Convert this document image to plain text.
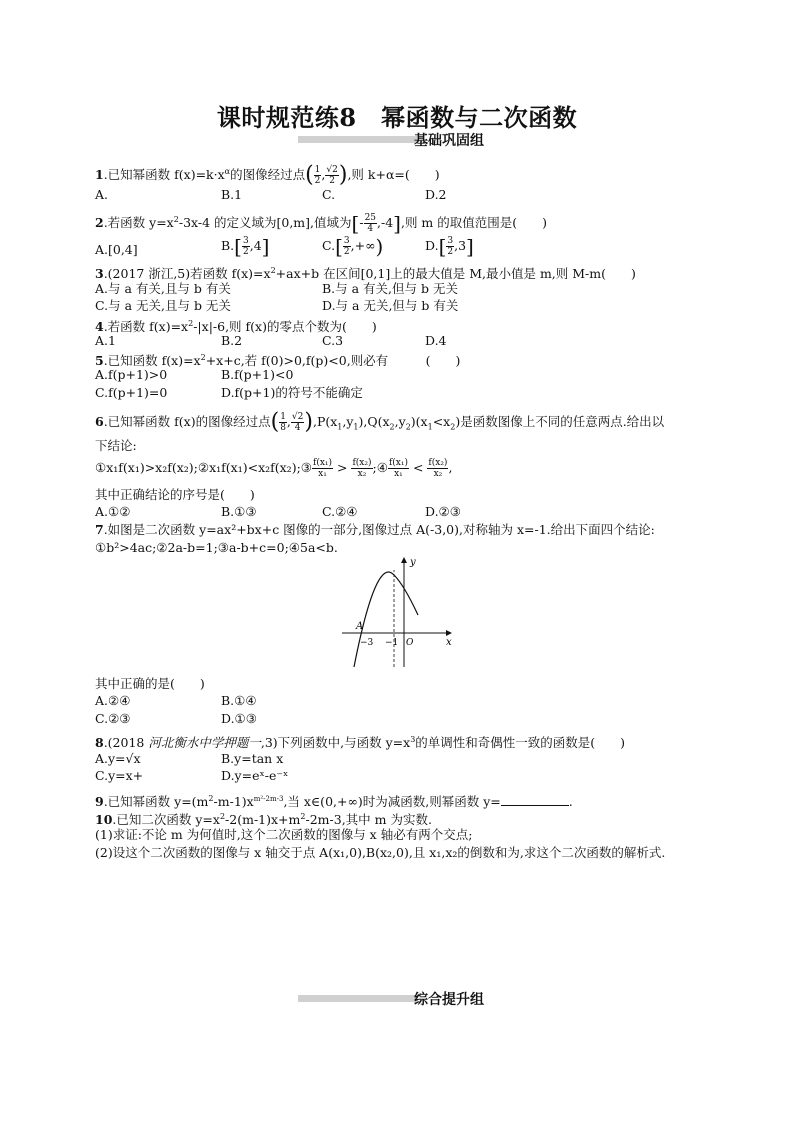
课时规范练8　幂函数与二次函数
基础巩固组
1.已知幂函数 $f(x)=k\cdot x^\alpha$的图像经过点( $\frac{1}{2}$ , $\frac{√2}{2}$ ),则 k+α=(　　)
A.	B.1	C.	D.2
2.若函数 $y=x^2-3x-4$ 的定义域为[0,m],值域为[- $\frac{25}{4} ,-4$],则 m 的取值范围是(　　)
A.[0,4]	$B.[ \frac{3}{2} ,4]$	$C.[ \frac{3}{2}$ ,+∞)	$D.[ \frac{3}{2} ,3]$
3.(2017 浙江,5)若函数 $f(x)=x^2+ax+b$ 在区间[0,1]上的最大值是 M,最小值是 m,则 M-m(　　)
A.与 a 有关,且与 b 有关	B.与 a 有关,但与 b 无关
C.与 a 无关,且与 b 无关	D.与 a 无关,但与 b 有关
4.若函数 $f(x)=x^2-|x|-6$,则 f(x)的零点个数为(　　)
A.1	B.2	C.3	D.4
5.已知函数 $f(x)=x^2+x+c$,若 f(0)>0,f(p)<0,则必有　　　(　　)
A.f(p+1)>0	B.f(p+1)<0
C.f(p+1)=0	D.f(p+1)的符号不能确定
6.已知幂函数 f(x)的图像经过点( $\frac{1}{8}$ , $\frac{√2}{4} ),P(x_1,y_1),Q(x_2,y_2)(x_1<x_2)$是函数图像上不同的任意两点.给出以
下结论:
①x₁f(x₁)>x₂f(x₂);②x₁f(x₁)<x₂f(x₂);③ $\frac{\text{f(x₁)}}{\text{x₁}} > \frac{\text{f(x₂)}}{\text{x₂}}$ ;④ $\frac{\text{f(x₁)}}{\text{x₁}} < \frac{\text{f(x₂)}}{\text{x₂}}$ ,
其中正确结论的序号是(　　)
A.①②	B.①③	C.②④	D.②③
7.如图是二次函数 y=ax²+bx+c 图像的一部分,图像过点 A(-3,0),对称轴为 x=-1.给出下面四个结论:
①b²>4ac;②2a-b=1;③a-b+c=0;④5a<b.
y
x
A
−3 −1 O
其中正确的是(　　)
A.②④	B.①④
C.②③	D.①③
8.(2018 河北衡水中学押题一,3)下列函数中,与函数 $y=x^3$的单调性和奇偶性一致的函数是(　　)
A.y=√x	B.y=tan x
C.y=x+	D.y=eˣ-e⁻ˣ
9.已知幂函数 $y=(m^2-m-1)x^{m^2-2m-3}$,当 x∈(0,+∞)时为减函数,则幂函数 y=	.
10.已知二次函数 $y=x^2-2(m-1)x+m^2-2m-3$,其中 m 为实数.
(1)求证:不论 m 为何值时,这个二次函数的图像与 x 轴必有两个交点;
(2)设这个二次函数的图像与 x 轴交于点 A(x₁,0),B(x₂,0),且 x₁,x₂的倒数和为,求这个二次函数的解析式.
综合提升组
